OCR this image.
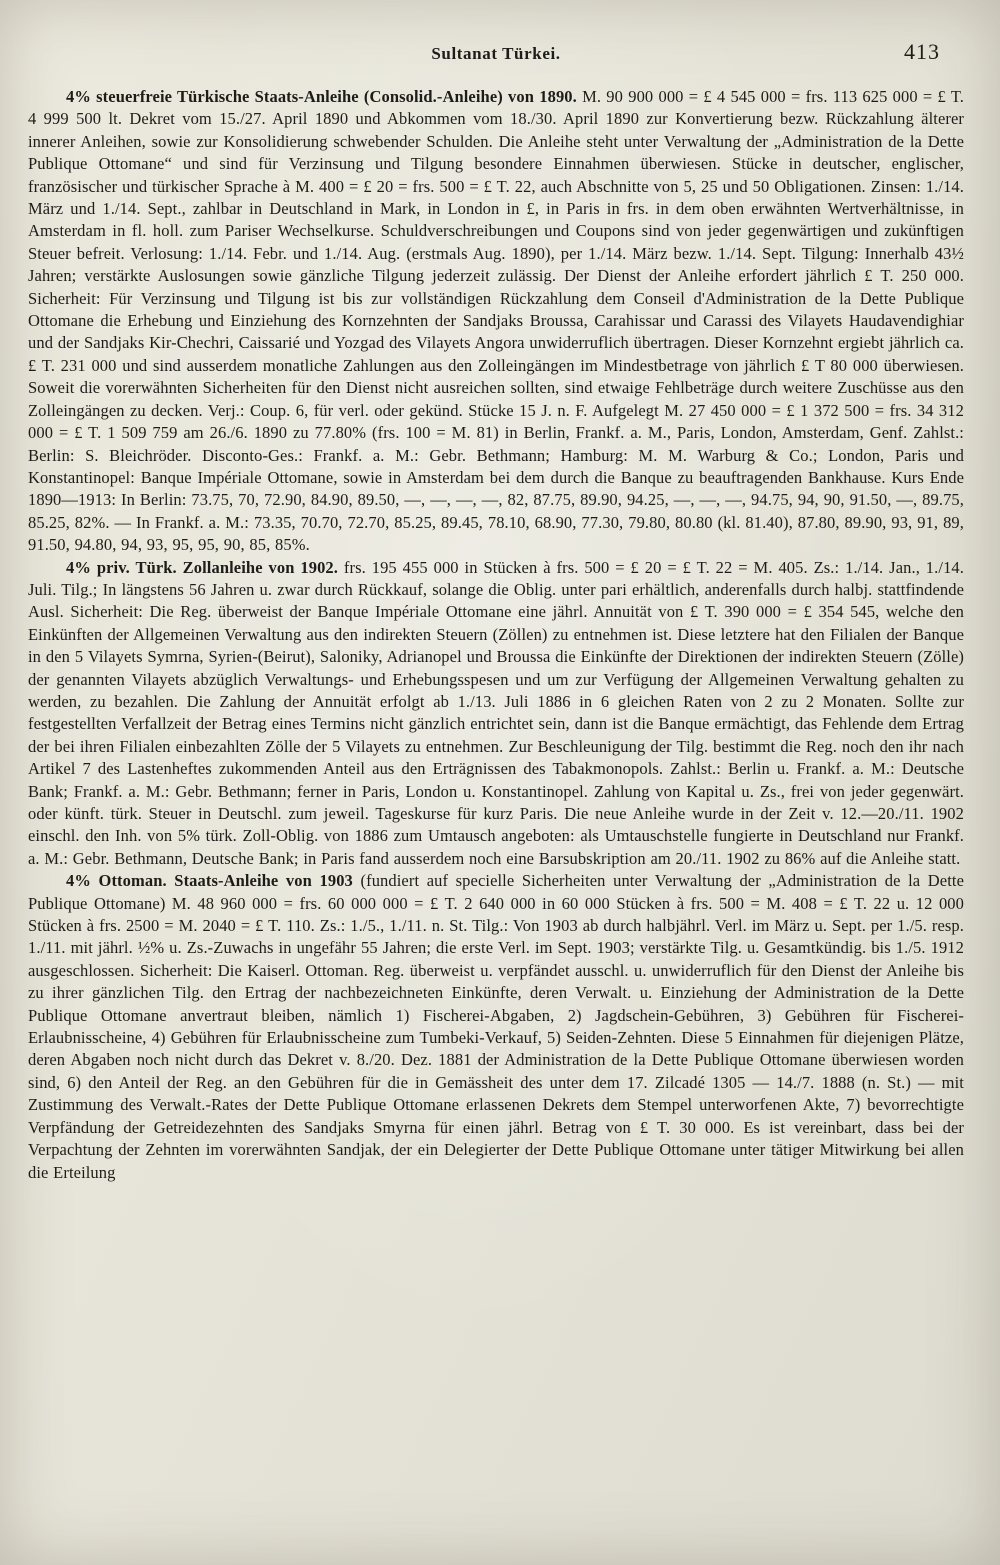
Sultanat Türkei.	413

4% steuerfreie Türkische Staats-Anleihe (Consolid.-Anleihe) von 1890. M. 90 900 000 = £ 4 545 000 = frs. 113 625 000 = £ T. 4 999 500 lt. Dekret vom 15./27. April 1890 und Abkommen vom 18./30. April 1890 zur Konvertierung bezw. Rückzahlung älterer innerer Anleihen, sowie zur Konsolidierung schwebender Schulden. Die Anleihe steht unter Verwaltung der „Administration de la Dette Publique Ottomane“ und sind für Verzinsung und Tilgung besondere Einnahmen überwiesen. Stücke in deutscher, englischer, französischer und türkischer Sprache à M. 400 = £ 20 = frs. 500 = £ T. 22, auch Abschnitte von 5, 25 und 50 Obligationen. Zinsen: 1./14. März und 1./14. Sept., zahlbar in Deutschland in Mark, in London in £, in Paris in frs. in dem oben erwähnten Wertverhältnisse, in Amsterdam in fl. holl. zum Pariser Wechselkurse. Schuldverschreibungen und Coupons sind von jeder gegenwärtigen und zukünftigen Steuer befreit. Verlosung: 1./14. Febr. und 1./14. Aug. (erstmals Aug. 1890), per 1./14. März bezw. 1./14. Sept. Tilgung: Innerhalb 43½ Jahren; verstärkte Auslosungen sowie gänzliche Tilgung jederzeit zulässig. Der Dienst der Anleihe erfordert jährlich £ T. 250 000. Sicherheit: Für Verzinsung und Tilgung ist bis zur vollständigen Rückzahlung dem Conseil d'Administration de la Dette Publique Ottomane die Erhebung und Einziehung des Kornzehnten der Sandjaks Broussa, Carahissar und Carassi des Vilayets Haudavendighiar und der Sandjaks Kir-Chechri, Caissarié und Yozgad des Vilayets Angora unwiderruflich übertragen. Dieser Kornzehnt ergiebt jährlich ca. £ T. 231 000 und sind ausserdem monatliche Zahlungen aus den Zolleingängen im Mindestbetrage von jährlich £ T 80 000 überwiesen. Soweit die vorerwähnten Sicherheiten für den Dienst nicht ausreichen sollten, sind etwaige Fehlbeträge durch weitere Zuschüsse aus den Zolleingängen zu decken. Verj.: Coup. 6, für verl. oder gekünd. Stücke 15 J. n. F. Aufgelegt M. 27 450 000 = £ 1 372 500 = frs. 34 312 000 = £ T. 1 509 759 am 26./6. 1890 zu 77.80% (frs. 100 = M. 81) in Berlin, Frankf. a. M., Paris, London, Amsterdam, Genf. Zahlst.: Berlin: S. Bleichröder. Disconto-Ges.: Frankf. a. M.: Gebr. Bethmann; Hamburg: M. M. Warburg & Co.; London, Paris und Konstantinopel: Banque Impériale Ottomane, sowie in Amsterdam bei dem durch die Banque zu beauftragenden Bankhause. Kurs Ende 1890—1913: In Berlin: 73.75, 70, 72.90, 84.90, 89.50, —, —, —, —, 82, 87.75, 89.90, 94.25, —, —, —, 94.75, 94, 90, 91.50, —, 89.75, 85.25, 82%. — In Frankf. a. M.: 73.35, 70.70, 72.70, 85.25, 89.45, 78.10, 68.90, 77.30, 79.80, 80.80 (kl. 81.40), 87.80, 89.90, 93, 91, 89, 91.50, 94.80, 94, 93, 95, 95, 90, 85, 85%.

4% priv. Türk. Zollanleihe von 1902. frs. 195 455 000 in Stücken à frs. 500 = £ 20 = £ T. 22 = M. 405. Zs.: 1./14. Jan., 1./14. Juli. Tilg.; In längstens 56 Jahren u. zwar durch Rückkauf, solange die Oblig. unter pari erhältlich, anderenfalls durch halbj. stattfindende Ausl. Sicherheit: Die Reg. überweist der Banque Impériale Ottomane eine jährl. Annuität von £ T. 390 000 = £ 354 545, welche den Einkünften der Allgemeinen Verwaltung aus den indirekten Steuern (Zöllen) zu entnehmen ist. Diese letztere hat den Filialen der Banque in den 5 Vilayets Symrna, Syrien-(Beirut), Saloniky, Adrianopel und Broussa die Einkünfte der Direktionen der indirekten Steuern (Zölle) der genannten Vilayets abzüglich Verwaltungs- und Erhebungsspesen und um zur Verfügung der Allgemeinen Verwaltung gehalten zu werden, zu bezahlen. Die Zahlung der Annuität erfolgt ab 1./13. Juli 1886 in 6 gleichen Raten von 2 zu 2 Monaten. Sollte zur festgestellten Verfallzeit der Betrag eines Termins nicht gänzlich entrichtet sein, dann ist die Banque ermächtigt, das Fehlende dem Ertrag der bei ihren Filialen einbezahlten Zölle der 5 Vilayets zu entnehmen. Zur Beschleunigung der Tilg. bestimmt die Reg. noch den ihr nach Artikel 7 des Lastenheftes zukommenden Anteil aus den Erträgnissen des Tabakmonopols. Zahlst.: Berlin u. Frankf. a. M.: Deutsche Bank; Frankf. a. M.: Gebr. Bethmann; ferner in Paris, London u. Konstantinopel. Zahlung von Kapital u. Zs., frei von jeder gegenwärt. oder künft. türk. Steuer in Deutschl. zum jeweil. Tageskurse für kurz Paris. Die neue Anleihe wurde in der Zeit v. 12.—20./11. 1902 einschl. den Inh. von 5% türk. Zoll-Oblig. von 1886 zum Umtausch angeboten: als Umtauschstelle fungierte in Deutschland nur Frankf. a. M.: Gebr. Bethmann, Deutsche Bank; in Paris fand ausserdem noch eine Barsubskription am 20./11. 1902 zu 86% auf die Anleihe statt.

4% Ottoman. Staats-Anleihe von 1903 (fundiert auf specielle Sicherheiten unter Verwaltung der „Administration de la Dette Publique Ottomane) M. 48 960 000 = frs. 60 000 000 = £ T. 2 640 000 in 60 000 Stücken à frs. 500 = M. 408 = £ T. 22 u. 12 000 Stücken à frs. 2500 = M. 2040 = £ T. 110. Zs.: 1./5., 1./11. n. St. Tilg.: Von 1903 ab durch halbjährl. Verl. im März u. Sept. per 1./5. resp. 1./11. mit jährl. ½% u. Zs.-Zuwachs in ungefähr 55 Jahren; die erste Verl. im Sept. 1903; verstärkte Tilg. u. Gesamtkündig. bis 1./5. 1912 ausgeschlossen. Sicherheit: Die Kaiserl. Ottoman. Reg. überweist u. verpfändet ausschl. u. unwiderruflich für den Dienst der Anleihe bis zu ihrer gänzlichen Tilg. den Ertrag der nachbezeichneten Einkünfte, deren Verwalt. u. Einziehung der Administration de la Dette Publique Ottomane anvertraut bleiben, nämlich 1) Fischerei-Abgaben, 2) Jagdschein-Gebühren, 3) Gebühren für Fischerei-Erlaubnisscheine, 4) Gebühren für Erlaubnisscheine zum Tumbeki-Verkauf, 5) Seiden-Zehnten. Diese 5 Einnahmen für diejenigen Plätze, deren Abgaben noch nicht durch das Dekret v. 8./20. Dez. 1881 der Administration de la Dette Publique Ottomane überwiesen worden sind, 6) den Anteil der Reg. an den Gebühren für die in Gemässheit des unter dem 17. Zilcadé 1305 — 14./7. 1888 (n. St.) — mit Zustimmung des Verwalt.-Rates der Dette Publique Ottomane erlassenen Dekrets dem Stempel unterworfenen Akte, 7) bevorrechtigte Verpfändung der Getreidezehnten des Sandjaks Smyrna für einen jährl. Betrag von £ T. 30 000. Es ist vereinbart, dass bei der Verpachtung der Zehnten im vorerwähnten Sandjak, der ein Delegierter der Dette Publique Ottomane unter tätiger Mitwirkung bei allen die Erteilung
